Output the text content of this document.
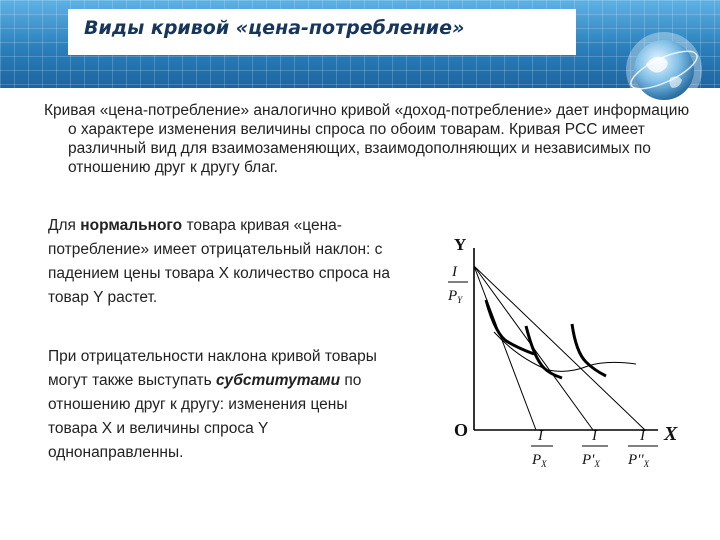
Виды кривой «цена-потребление»

Кривая «цена-потребление» аналогично кривой «доход-потребление» дает информацию о характере изменения величины спроса по обоим товарам. Кривая PCC имеет различный вид для взаимозаменяющих, взаимодополняющих и независимых по отношению друг к другу благ.

Для нормального товара кривая «цена-потребление» имеет отрицательный наклон: с падением цены товара X количество спроса на товар Y растет.

При отрицательности наклона кривой товары могут также выступать субститутами по отношению друг к другу: изменения цены товара X и величины спроса Y однонаправленны.

Y
X
O
I
$P_Y$
I
$P_X$
I
$P'_X$
I
$P''_X$
